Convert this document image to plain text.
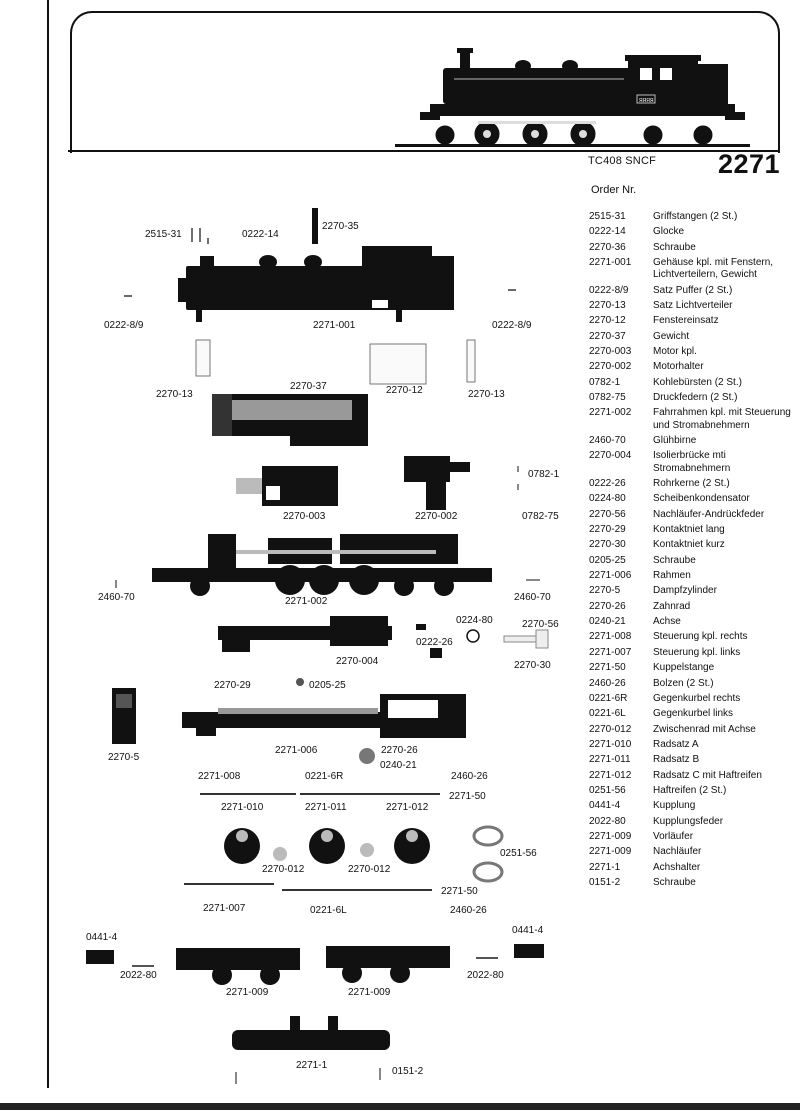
ЯЯЯЯ
TC408 SNCF 2271
2515-31	0222-14
2270-35
0222-8/9	2271-001	0222-8/9
2270-37
2270-13	2270-12	2270-13
0782-1
2270-003	2270-002	0782-75
2460-70	2271-002	2460-70
0224-80	2270-56
0222-26
2270-004	2270-30
2270-29	0205-25
2271-006	2270-26
2270-5
0240-21
2271-008	0221-6R	2460-26
2271-50
2271-010	2271-011	2271-012
0251-56
2270-012	2270-012
2271-50
2271-007	0221-6L	2460-26
0441-4
0441-4
2022-80	2022-80
2271-009	2271-009
2271-1
0151-2
Order Nr.
2515-31	Griffstangen (2 St.)
0222-14	Glocke
2270-36	Schraube
2271-001	Gehäuse kpl. mit Fenstern, Lichtverteilern, Gewicht
0222-8/9	Satz Puffer (2 St.)
2270-13	Satz Lichtverteiler
2270-12	Fenstereinsatz
2270-37	Gewicht
2270-003	Motor kpl.
2270-002	Motorhalter
0782-1	Kohlebürsten (2 St.)
0782-75	Druckfedern (2 St.)
2271-002	Fahrrahmen kpl. mit Steuerung und Stromabnehmern
2460-70	Glühbirne
2270-004	Isolierbrücke mti Stromabnehmern
0222-26	Rohrkerne (2 St.)
0224-80	Scheibenkondensator
2270-56	Nachläufer-Andrückfeder
2270-29	Kontaktniet lang
2270-30	Kontaktniet kurz
0205-25	Schraube
2271-006	Rahmen
2270-5	Dampfzylinder
2270-26	Zahnrad
0240-21	Achse
2271-008	Steuerung kpl. rechts
2271-007	Steuerung kpl. links
2271-50	Kuppelstange
2460-26	Bolzen (2 St.)
0221-6R	Gegenkurbel rechts
0221-6L	Gegenkurbel links
2270-012	Zwischenrad mit Achse
2271-010	Radsatz A
2271-011	Radsatz B
2271-012	Radsatz C mit Haftreifen
0251-56	Haftreifen (2 St.)
0441-4	Kupplung
2022-80	Kupplungsfeder
2271-009	Vorläufer
2271-009	Nachläufer
2271-1	Achshalter
0151-2	Schraube
